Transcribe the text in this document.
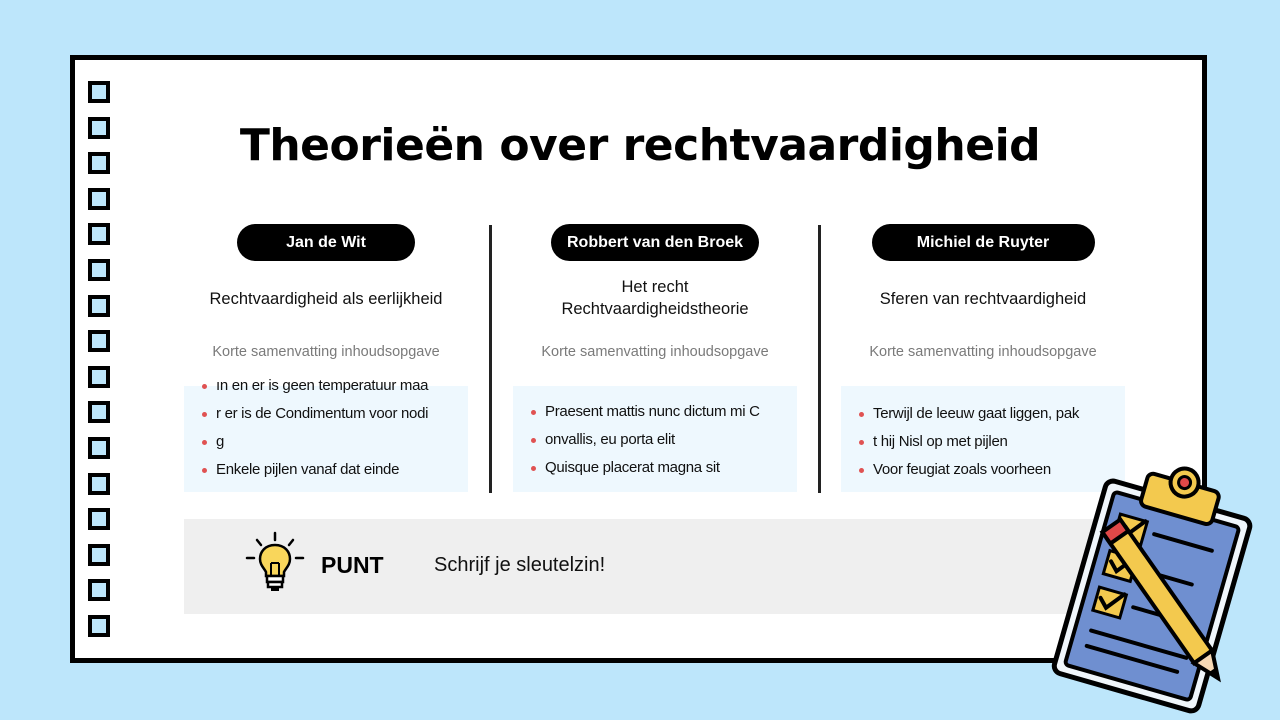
Theorieën over rechtvaardigheid
Jan de Wit
Rechtvaardigheid als eerlijkheid
Korte samenvatting inhoudsopgave
ın en er is geen temperatuur maa
r er is de Condimentum voor nodi
g
Enkele pijlen vanaf dat einde
Robbert van den Broek
Het recht
Rechtvaardigheidstheorie
Korte samenvatting inhoudsopgave
Praesent mattis nunc dictum mi C
onvallis, eu porta elit
Quisque placerat magna sit
Michiel de Ruyter
Sferen van rechtvaardigheid
Korte samenvatting inhoudsopgave
Terwijl de leeuw gaat liggen, pak
t hij Nisl op met pijlen
Voor feugiat zoals voorheen
PUNT	Schrijf je sleutelzin!
